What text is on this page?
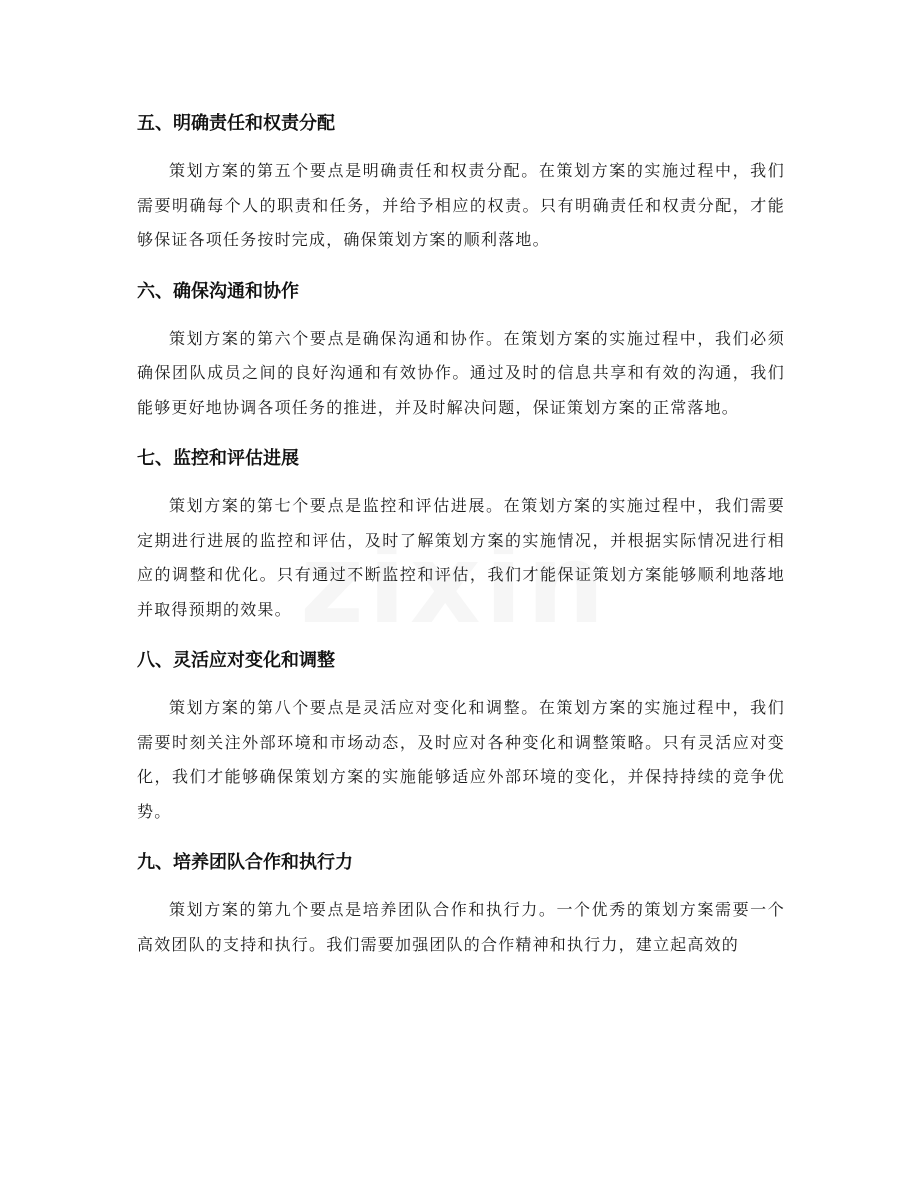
五、明确责任和权责分配

策划方案的第五个要点是明确责任和权责分配。在策划方案的实施过程中，我们需要明确每个人的职责和任务，并给予相应的权责。只有明确责任和权责分配，才能够保证各项任务按时完成，确保策划方案的顺利落地。

六、确保沟通和协作

策划方案的第六个要点是确保沟通和协作。在策划方案的实施过程中，我们必须确保团队成员之间的良好沟通和有效协作。通过及时的信息共享和有效的沟通，我们能够更好地协调各项任务的推进，并及时解决问题，保证策划方案的正常落地。

七、监控和评估进展

策划方案的第七个要点是监控和评估进展。在策划方案的实施过程中，我们需要定期进行进展的监控和评估，及时了解策划方案的实施情况，并根据实际情况进行相应的调整和优化。只有通过不断监控和评估，我们才能保证策划方案能够顺利地落地并取得预期的效果。

八、灵活应对变化和调整

策划方案的第八个要点是灵活应对变化和调整。在策划方案的实施过程中，我们需要时刻关注外部环境和市场动态，及时应对各种变化和调整策略。只有灵活应对变化，我们才能够确保策划方案的实施能够适应外部环境的变化，并保持持续的竞争优势。

九、培养团队合作和执行力

策划方案的第九个要点是培养团队合作和执行力。一个优秀的策划方案需要一个高效团队的支持和执行。我们需要加强团队的合作精神和执行力，建立起高效的
